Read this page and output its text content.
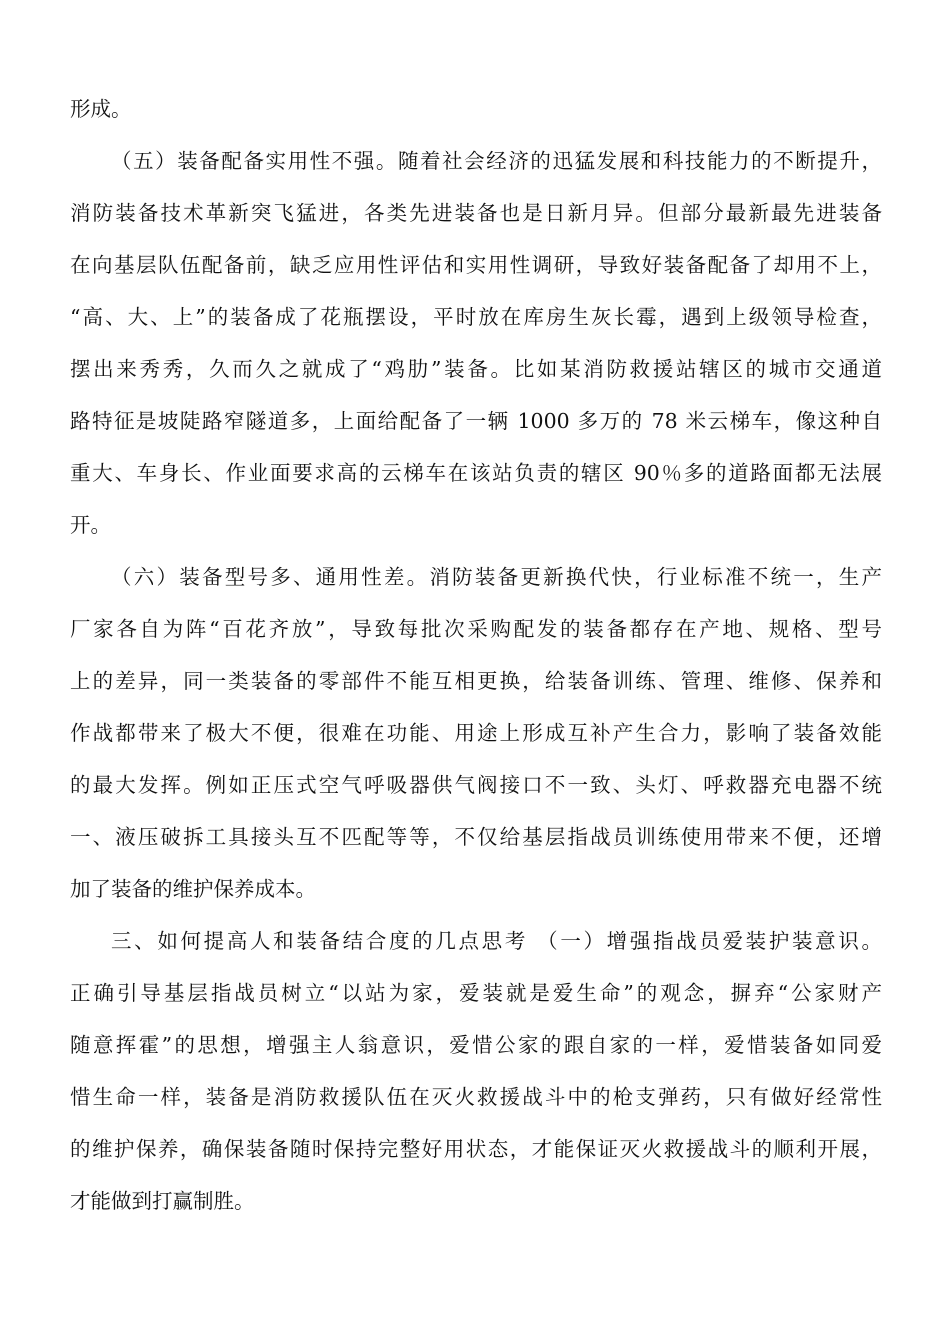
形成。
（五）装备配备实用性不强。随着社会经济的迅猛发展和科技能力的不断提升，
消防装备技术革新突飞猛进，各类先进装备也是日新月异。但部分最新最先进装备
在向基层队伍配备前，缺乏应用性评估和实用性调研，导致好装备配备了却用不上，
“高、大、上”的装备成了花瓶摆设，平时放在库房生灰长霉，遇到上级领导检查，
摆出来秀秀，久而久之就成了“鸡肋”装备。比如某消防救援站辖区的城市交通道
路特征是坡陡路窄隧道多，上面给配备了一辆 1000 多万的 78 米云梯车，像这种自
重大、车身长、作业面要求高的云梯车在该站负责的辖区 90％多的道路面都无法展
开。
（六）装备型号多、通用性差。消防装备更新换代快，行业标准不统一，生产
厂家各自为阵“百花齐放”，导致每批次采购配发的装备都存在产地、规格、型号
上的差异，同一类装备的零部件不能互相更换，给装备训练、管理、维修、保养和
作战都带来了极大不便，很难在功能、用途上形成互补产生合力，影响了装备效能
的最大发挥。例如正压式空气呼吸器供气阀接口不一致、头灯、呼救器充电器不统
一、液压破拆工具接头互不匹配等等，不仅给基层指战员训练使用带来不便，还增
加了装备的维护保养成本。
三、如何提高人和装备结合度的几点思考 （一）增强指战员爱装护装意识。
正确引导基层指战员树立“以站为家，爱装就是爱生命”的观念，摒弃“公家财产
随意挥霍”的思想，增强主人翁意识，爱惜公家的跟自家的一样，爱惜装备如同爱
惜生命一样，装备是消防救援队伍在灭火救援战斗中的枪支弹药，只有做好经常性
的维护保养，确保装备随时保持完整好用状态，才能保证灭火救援战斗的顺利开展，
才能做到打赢制胜。
